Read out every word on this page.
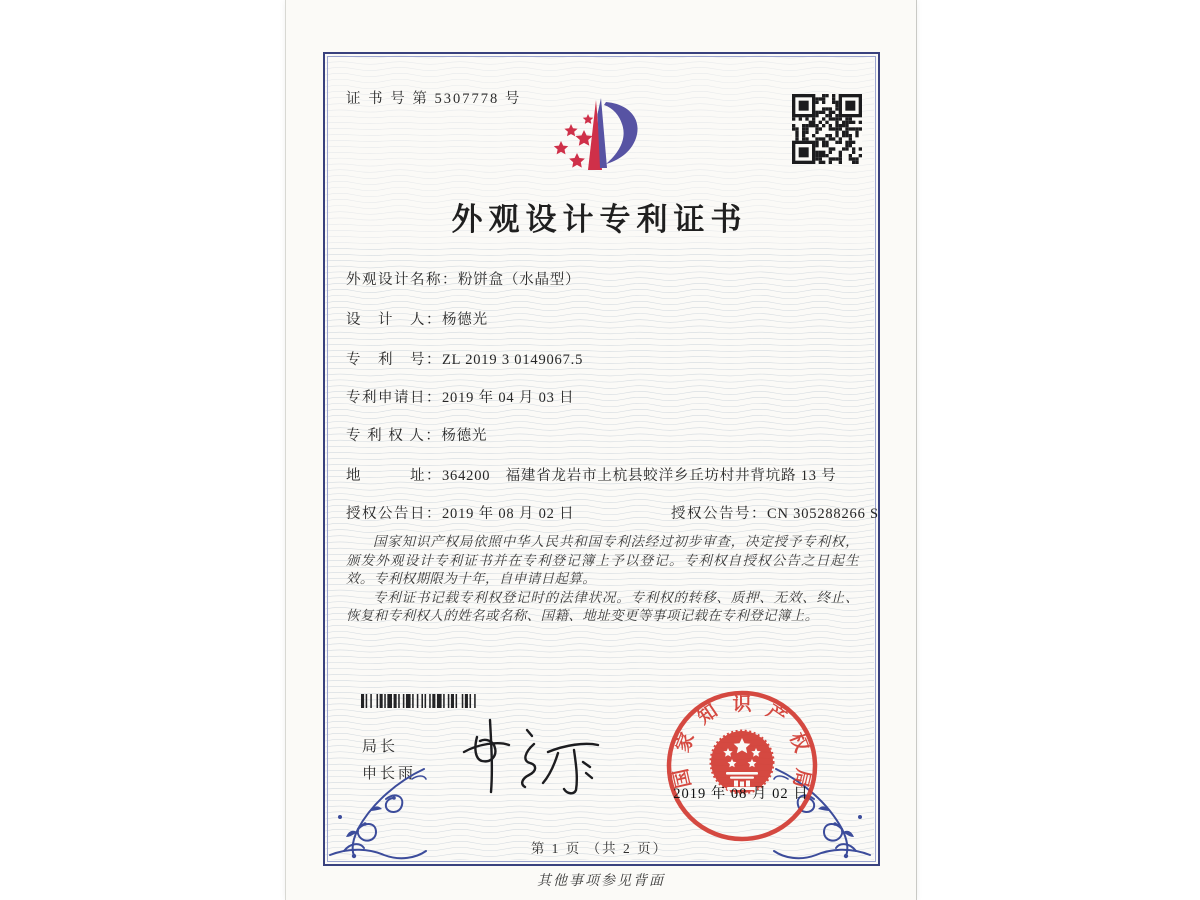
证 书 号 第 5307778 号
外观设计专利证书
外观设计名称：粉饼盒（水晶型）
设　计　人：杨德光
专　利　号：ZL 2019 3 0149067.5
专利申请日：2019 年 04 月 03 日
专 利 权 人：杨德光
地　　　址：364200　福建省龙岩市上杭县蛟洋乡丘坊村井背坑路 13 号
授权公告日：2019 年 08 月 02 日	授权公告号：CN 305288266 S

国家知识产权局依照中华人民共和国专利法经过初步审查，决定授予专利权，颁发外观设计专利证书并在专利登记簿上予以登记。专利权自授权公告之日起生效。专利权期限为十年，自申请日起算。

专利证书记载专利权登记时的法律状况。专利权的转移、质押、无效、终止、恢复和专利权人的姓名或名称、国籍、地址变更等事项记载在专利登记簿上。

局长
申长雨	国家知识产权局
2019 年 08 月 02 日
第 1 页 （共 2 页）
其他事项参见背面
